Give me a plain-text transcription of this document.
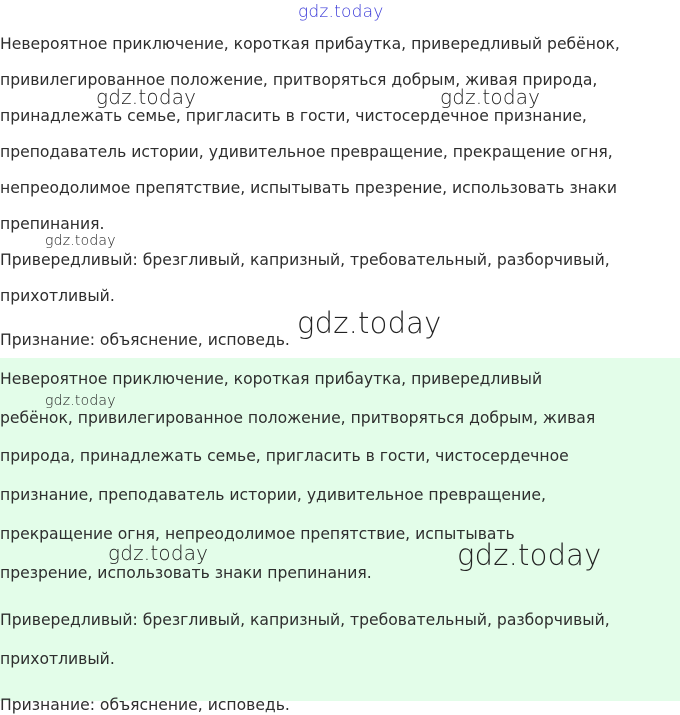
Невероятное приключение, короткая прибаутка, привередливый ребёнок,

привилегированное положение, притворяться добрым, живая природа,

принадлежать семье, пригласить в гости, чистосердечное признание,

преподаватель истории, удивительное превращение, прекращение огня,

непреодолимое препятствие, испытывать презрение, использовать знаки

препинания.

Привередливый: брезгливый, капризный, требовательный, разборчивый,

прихотливый.

Признание: объяснение, исповедь.

Невероятное приключение, короткая прибаутка, привередливый

ребёнок, привилегированное положение, притворяться добрым, живая

природа, принадлежать семье, пригласить в гости, чистосердечное

признание, преподаватель истории, удивительное превращение,

прекращение огня, непреодолимое препятствие, испытывать

презрение, использовать знаки препинания.

Привередливый: брезгливый, капризный, требовательный, разборчивый,

прихотливый.

Признание: объяснение, исповедь.

gdz.today
gdz.today	gdz.today
gdz.today
gdz.today
gdz.today
gdz.today	gdz.today
